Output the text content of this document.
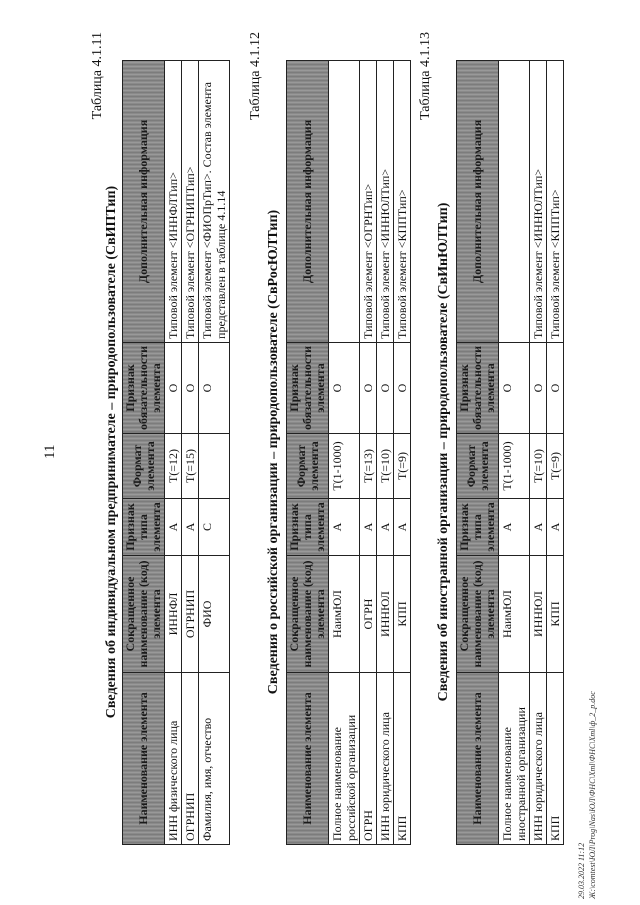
11
Таблица 4.1.11
Сведения об индивидуальном предпринимателе – природопользователе (СвИПТип)
Наименование элемента	Сокращенное наименование (код) элемента	Признак типа элемента	Формат элемента	Признак обязательности элемента	Дополнительная информация
ИНН физического лица	ИННФЛ	А	T(=12)	О	Типовой элемент <ИННФЛТип>
ОГРНИП	ОГРНИП	А	T(=15)	О	Типовой элемент <ОГРНИПТип>
Фамилия, имя, отчество	ФИО	С		О	Типовой элемент <ФИОПрТип>. Состав элемента представлен в таблице 4.1.14
Таблица 4.1.12
Сведения о российской организации – природопользователе (СвРосЮЛТип)
Наименование элемента	Сокращенное наименование (код) элемента	Признак типа элемента	Формат элемента	Признак обязательности элемента	Дополнительная информация
Полное наименование российской организации	НаимЮЛ	А	T(1-1000)	О	
ОГРН	ОГРН	А	T(=13)	О	Типовой элемент <ОГРНТип>
ИНН юридического лица	ИННЮЛ	А	T(=10)	О	Типовой элемент <ИННЮЛТип>
КПП	КПП	А	T(=9)	О	Типовой элемент <КППТип>
Таблица 4.1.13
Сведения об иностранной организации – природопользователе (СвИнЮЛТип)
Наименование элемента	Сокращенное наименование (код) элемента	Признак типа элемента	Формат элемента	Признак обязательности элемента	Дополнительная информация
Полное наименование иностранной организации	НаимЮЛ	А	T(1-1000)	О	
ИНН юридического лица	ИННЮЛ	А	T(=10)	О	Типовой элемент <ИННЮЛТип>
КПП	КПП	А	T(=9)	О	Типовой элемент <КППТип>
29.03.2022 11:12 Ж:\comtest\ЮЛ\Prog\Nas\ЮЛ\ФНС\Xml\ФНС\Xml\ф_2_p.doc
